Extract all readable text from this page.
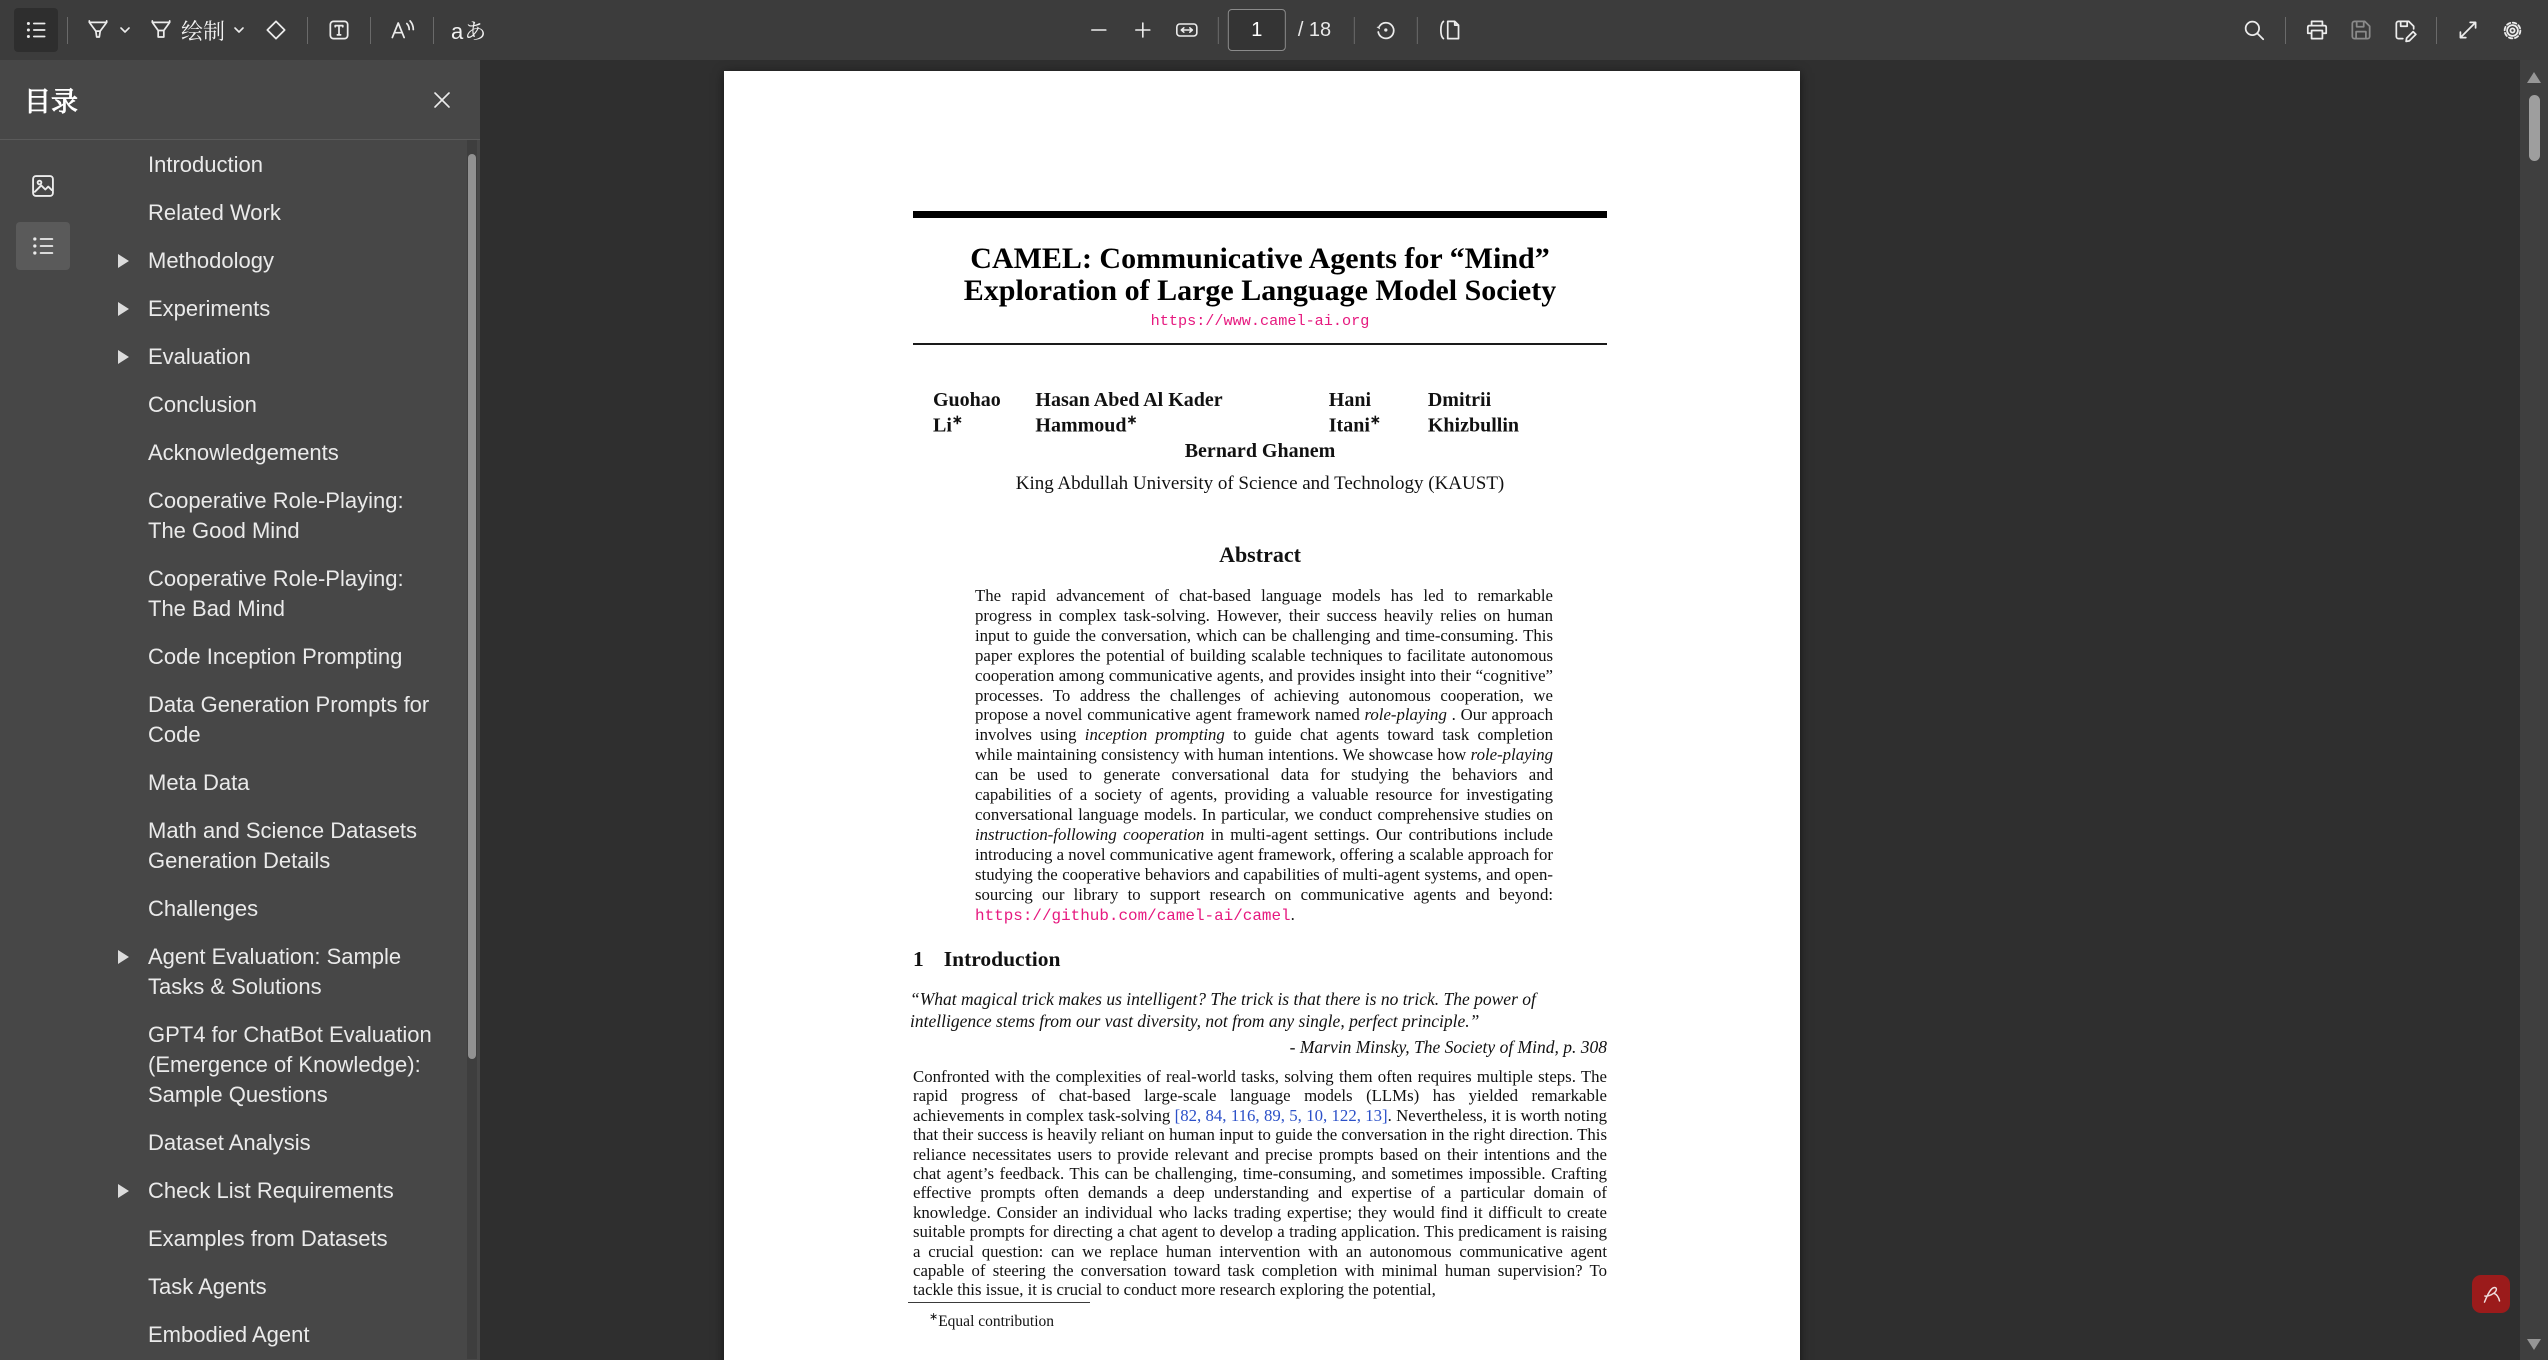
绘制	aあ
1	/ 18
目录
Introduction
Related Work
Methodology
Experiments
Evaluation
Conclusion
Acknowledgements
Cooperative Role-Playing: The Good Mind
Cooperative Role-Playing: The Bad Mind
Code Inception Prompting
Data Generation Prompts for Code
Meta Data
Math and Science Datasets Generation Details
Challenges
Agent Evaluation: Sample Tasks & Solutions
GPT4 for ChatBot Evaluation (Emergence of Knowledge): Sample Questions
Dataset Analysis
Check List Requirements
Examples from Datasets
Task Agents
Embodied Agent
CAMEL: Communicative Agents for “Mind”
Exploration of Large Language Model Society
https://www.camel-ai.org
Guohao Li∗
Hasan Abed Al Kader Hammoud∗
Hani Itani∗
Dmitrii Khizbullin
Bernard Ghanem
King Abdullah University of Science and Technology (KAUST)
Abstract
The rapid advancement of chat-based language models has led to remarkable progress in complex task-solving. However, their success heavily relies on human input to guide the conversation, which can be challenging and time-consuming. This paper explores the potential of building scalable techniques to facilitate autonomous cooperation among communicative agents, and provides insight into their “cognitive” processes. To address the challenges of achieving autonomous cooperation, we propose a novel communicative agent framework named role-playing . Our approach involves using inception prompting to guide chat agents toward task completion while maintaining consistency with human intentions. We showcase how role-playing can be used to generate conversational data for studying the behaviors and capabilities of a society of agents, providing a valuable resource for investigating conversational language models. In particular, we conduct comprehensive studies on instruction-following cooperation in multi-agent settings. Our contributions include introducing a novel communicative agent framework, offering a scalable approach for studying the cooperative behaviors and capabilities of multi-agent systems, and open-sourcing our library to support research on communicative agents and beyond: https://github.com/camel-ai/camel.
1 Introduction
“What magical trick makes us intelligent? The trick is that there is no trick. The power of intelligence stems from our vast diversity, not from any single, perfect principle.”
- Marvin Minsky, The Society of Mind, p. 308
Confronted with the complexities of real-world tasks, solving them often requires multiple steps. The rapid progress of chat-based large-scale language models (LLMs) has yielded remarkable achievements in complex task-solving [82, 84, 116, 89, 5, 10, 122, 13]. Nevertheless, it is worth noting that their success is heavily reliant on human input to guide the conversation in the right direction. This reliance necessitates users to provide relevant and precise prompts based on their intentions and the chat agent’s feedback. This can be challenging, time-consuming, and sometimes impossible. Crafting effective prompts often demands a deep understanding and expertise of a particular domain of knowledge. Consider an individual who lacks trading expertise; they would find it difficult to create suitable prompts for directing a chat agent to develop a trading application. This predicament is raising a crucial question: can we replace human intervention with an autonomous communicative agent capable of steering the conversation toward task completion with minimal human supervision? To tackle this issue, it is crucial to conduct more research exploring the potential,
∗Equal contribution
